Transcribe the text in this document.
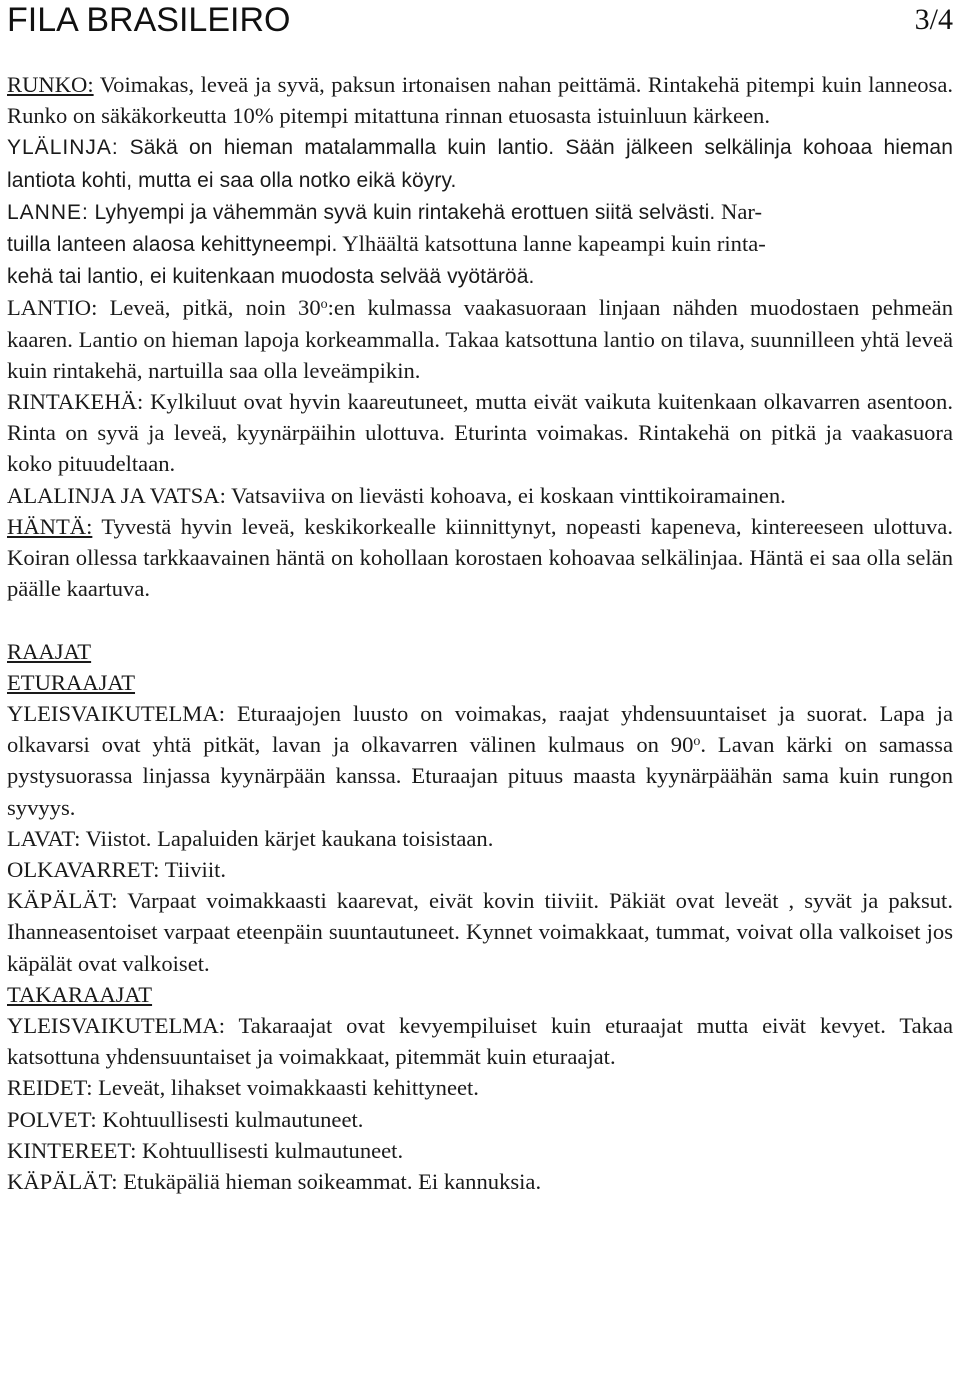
FILA BRASILEIRO	3/4

RUNKO: Voimakas, leveä ja syvä, paksun irtonaisen nahan peittämä. Rintakehä pitempi kuin lanneosa. Runko on säkäkorkeutta 10% pitempi mitattuna rinnan etuosasta istuinluun kärkeen.

YLÄLINJA: Säkä on hieman matalammalla kuin lantio. Sään jälkeen selkälinja kohoaa hieman lantiota kohti, mutta ei saa olla notko eikä köyry.

LANNE: Lyhyempi ja vähemmän syvä kuin rintakehä erottuen siitä selvästi. Nar-
tuilla lanteen alaosa kehittyneempi. Ylhäältä katsottuna lanne kapeampi kuin rinta-
kehä tai lantio, ei kuitenkaan muodosta selvää vyötäröä.

LANTIO: Leveä, pitkä, noin 30$^o$:en kulmassa vaakasuoraan linjaan nähden muodostaen pehmeän kaaren. Lantio on hieman lapoja korkeammalla. Takaa katsottuna lantio on tilava, suunnilleen yhtä leveä kuin rintakehä, nartuilla saa olla leveämpikin.

RINTAKEHÄ: Kylkiluut ovat hyvin kaareutuneet, mutta eivät vaikuta kuitenkaan olkavarren asentoon. Rinta on syvä ja leveä, kyynärpäihin ulottuva. Eturinta voimakas. Rintakehä on pitkä ja vaakasuora koko pituudeltaan.

ALALINJA JA VATSA: Vatsaviiva on lievästi kohoava, ei koskaan vinttikoiramainen.

HÄNTÄ: Tyvestä hyvin leveä, keskikorkealle kiinnittynyt, nopeasti kapeneva, kintereeseen ulottuva. Koiran ollessa tarkkaavainen häntä on kohollaan korostaen kohoavaa selkälinjaa. Häntä ei saa olla selän päälle kaartuva.

RAAJAT

ETURAAJAT

YLEISVAIKUTELMA: Eturaajojen luusto on voimakas, raajat yhdensuuntaiset ja suorat. Lapa ja olkavarsi ovat yhtä pitkät, lavan ja olkavarren välinen kulmaus on 90$^o$. Lavan kärki on samassa pystysuorassa linjassa kyynärpään kanssa. Eturaajan pituus maasta kyynärpäähän sama kuin rungon syvyys.

LAVAT: Viistot. Lapaluiden kärjet kaukana toisistaan.

OLKAVARRET: Tiiviit.

KÄPÄLÄT: Varpaat voimakkaasti kaarevat, eivät kovin tiiviit. Päkiät ovat leveät , syvät ja paksut. Ihanneasentoiset varpaat eteenpäin suuntautuneet. Kynnet voimakkaat, tummat, voivat olla valkoiset jos käpälät ovat valkoiset.

TAKARAAJAT

YLEISVAIKUTELMA: Takaraajat ovat kevyempiluiset kuin eturaajat mutta eivät kevyet. Takaa katsottuna yhdensuuntaiset ja voimakkaat, pitemmät kuin eturaajat.

REIDET: Leveät, lihakset voimakkaasti kehittyneet.

POLVET: Kohtuullisesti kulmautuneet.

KINTEREET: Kohtuullisesti kulmautuneet.

KÄPÄLÄT: Etukäpäliä hieman soikeammat. Ei kannuksia.
